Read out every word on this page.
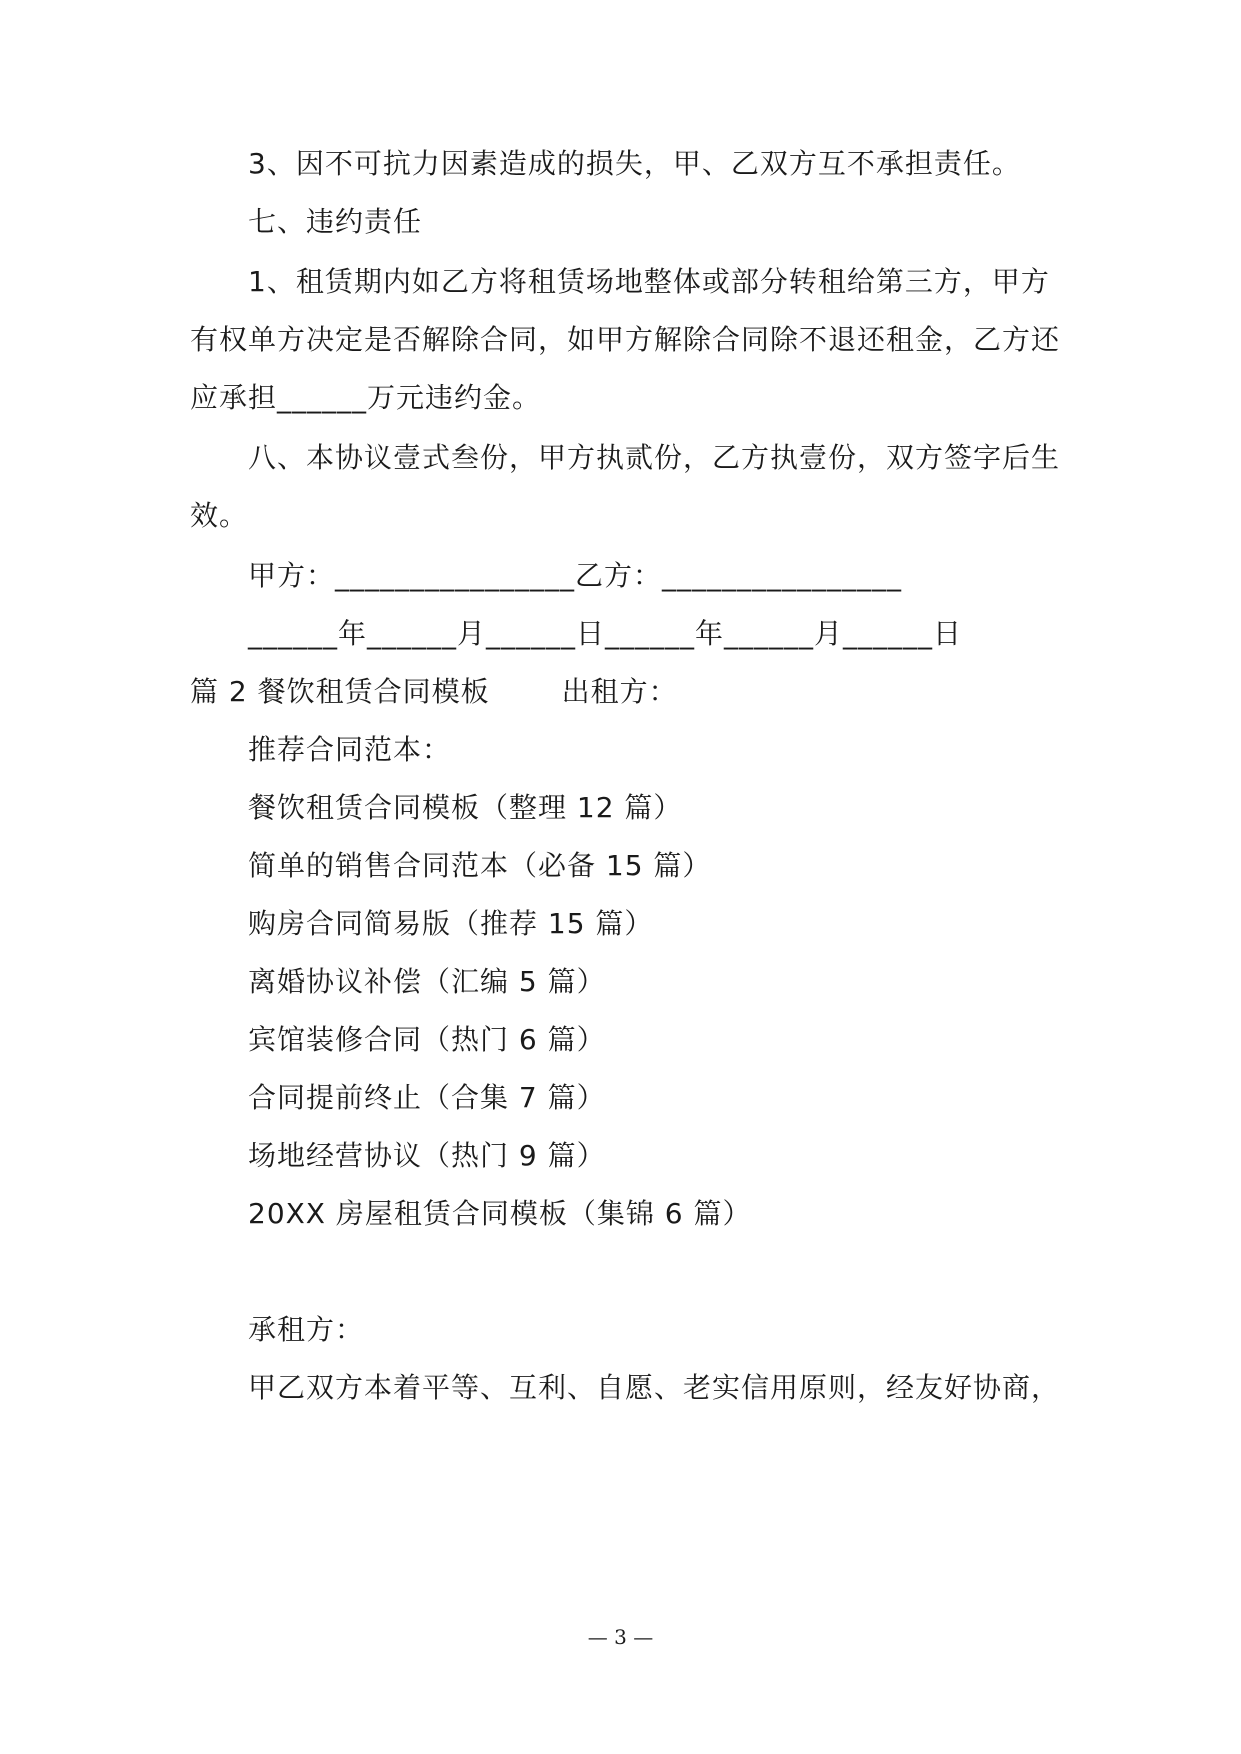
3、因不可抗力因素造成的损失，甲、乙双方互不承担责任。
七、违约责任
1、租赁期内如乙方将租赁场地整体或部分转租给第三方，甲方
有权单方决定是否解除合同，如甲方解除合同除不退还租金，乙方还
应承担______万元违约金。
八、本协议壹式叁份，甲方执贰份，乙方执壹份，双方签字后生
效。
甲方：________________乙方：________________
______年______月______日______年______月______日
篇 2 餐饮租赁合同模板	出租方：
推荐合同范本：
餐饮租赁合同模板（整理 12 篇）
简单的销售合同范本（必备 15 篇）
购房合同简易版（推荐 15 篇）
离婚协议补偿（汇编 5 篇）
宾馆装修合同（热门 6 篇）
合同提前终止（合集 7 篇）
场地经营协议（热门 9 篇）
20XX 房屋租赁合同模板（集锦 6 篇）
承租方：
甲乙双方本着平等、互利、自愿、老实信用原则，经友好协商，
— 3 —
